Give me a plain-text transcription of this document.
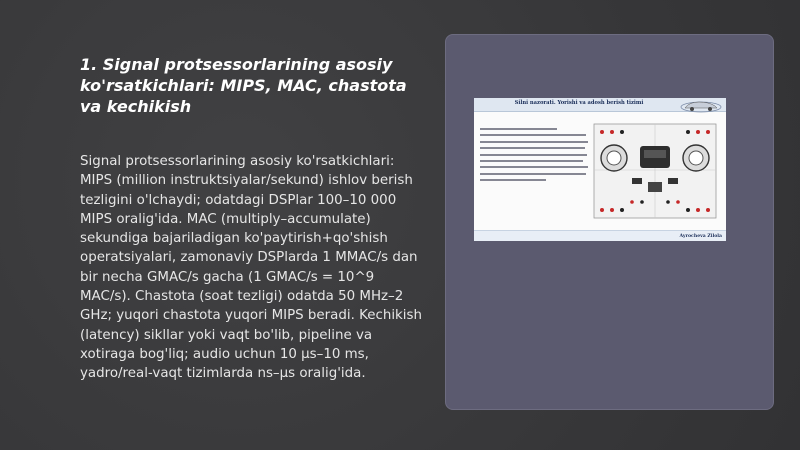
1. Signal protsessorlarining asosiy ko'rsatkichlari: MIPS, MAC, chastota va kechikish

Signal protsessorlarining asosiy ko'rsatkichlari: MIPS (million instruktsiyalar/sekund) ishlov berish tezligini o'lchaydi; odatdagi DSPlar 100–10 000 MIPS oralig'ida. MAC (multiply–accumulate) sekundiga bajariladigan ko'paytirish+qo'shish operatsiyalari, zamonaviy DSPlarda 1 MMAC/s dan bir necha GMAC/s gacha (1 GMAC/s = 10^9 MAC/s). Chastota (soat tezligi) odatda 50 MHz–2 GHz; yuqori chastota yuqori MIPS beradi. Kechikish (latency) sikllar yoki vaqt bo'lib, pipeline va xotiraga bog'liq; audio uchun 10 µs–10 ms, yadro/real-vaqt tizimlarda ns–µs oralig'ida.

Silni nazorati. Yorishi va adosh berish tizimi
Ayrocheva Zilola
